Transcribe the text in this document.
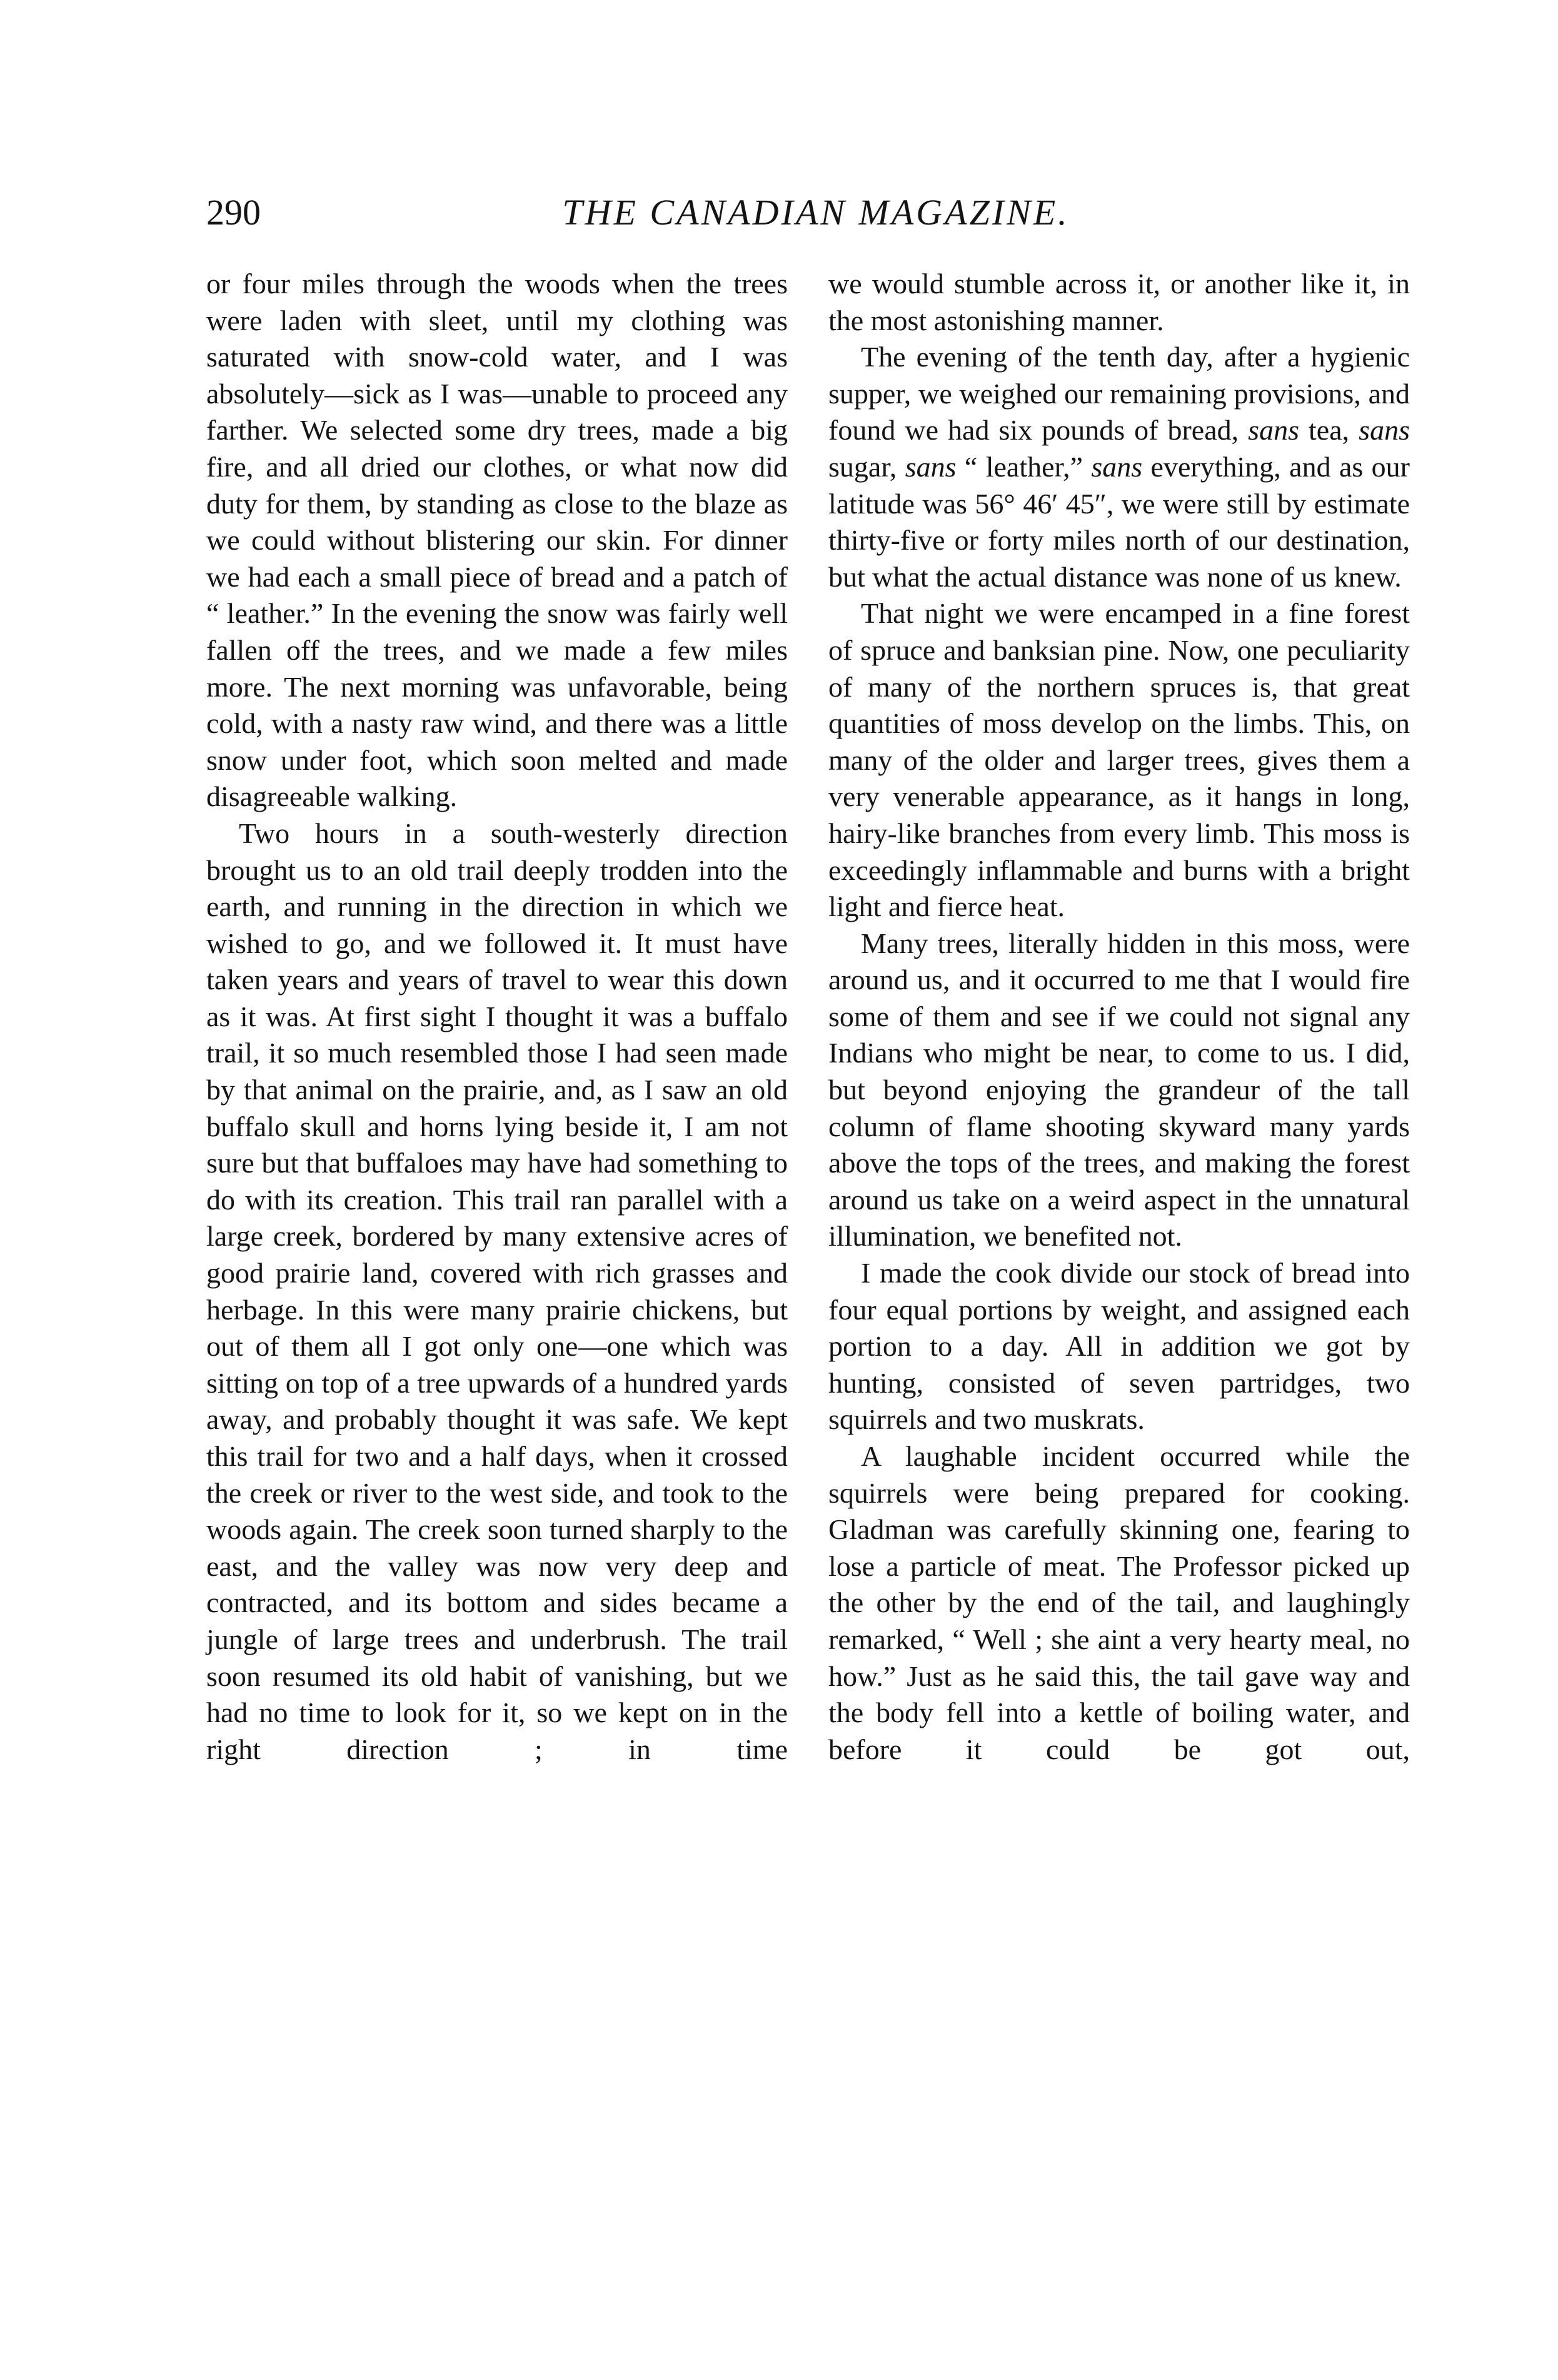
290	THE CANADIAN MAGAZINE.

or four miles through the woods when the trees were laden with sleet, until my clothing was saturated with snow-cold water, and I was absolutely—sick as I was—unable to proceed any farther. We selected some dry trees, made a big fire, and all dried our clothes, or what now did duty for them, by standing as close to the blaze as we could without blistering our skin. For dinner we had each a small piece of bread and a patch of “ leather.” In the evening the snow was fairly well fallen off the trees, and we made a few miles more. The next morning was unfavorable, being cold, with a nasty raw wind, and there was a little snow under foot, which soon melted and made disagreeable walking.

Two hours in a south-westerly direction brought us to an old trail deeply trodden into the earth, and running in the direction in which we wished to go, and we followed it. It must have taken years and years of travel to wear this down as it was. At first sight I thought it was a buffalo trail, it so much resembled those I had seen made by that animal on the prairie, and, as I saw an old buffalo skull and horns lying beside it, I am not sure but that buffaloes may have had something to do with its creation. This trail ran parallel with a large creek, bordered by many extensive acres of good prairie land, covered with rich grasses and herbage. In this were many prairie chickens, but out of them all I got only one—one which was sitting on top of a tree upwards of a hundred yards away, and probably thought it was safe. We kept this trail for two and a half days, when it crossed the creek or river to the west side, and took to the woods again. The creek soon turned sharply to the east, and the valley was now very deep and contracted, and its bottom and sides became a jungle of large trees and underbrush. The trail soon resumed its old habit of vanishing, but we had no time to look for it, so we kept on in the right direction ; in time

we would stumble across it, or another like it, in the most astonishing manner.

The evening of the tenth day, after a hygienic supper, we weighed our remaining provisions, and found we had six pounds of bread, sans tea, sans sugar, sans “ leather,” sans everything, and as our latitude was 56° 46′ 45″, we were still by estimate thirty-five or forty miles north of our destination, but what the actual distance was none of us knew.

That night we were encamped in a fine forest of spruce and banksian pine. Now, one peculiarity of many of the northern spruces is, that great quantities of moss develop on the limbs. This, on many of the older and larger trees, gives them a very venerable appearance, as it hangs in long, hairy-like branches from every limb. This moss is exceedingly inflammable and burns with a bright light and fierce heat.

Many trees, literally hidden in this moss, were around us, and it occurred to me that I would fire some of them and see if we could not signal any Indians who might be near, to come to us. I did, but beyond enjoying the grandeur of the tall column of flame shooting skyward many yards above the tops of the trees, and making the forest around us take on a weird aspect in the unnatural illumination, we benefited not.

I made the cook divide our stock of bread into four equal portions by weight, and assigned each portion to a day. All in addition we got by hunting, consisted of seven partridges, two squirrels and two muskrats.

A laughable incident occurred while the squirrels were being prepared for cooking. Gladman was carefully skinning one, fearing to lose a particle of meat. The Professor picked up the other by the end of the tail, and laughingly remarked, “ Well ; she aint a very hearty meal, no how.” Just as he said this, the tail gave way and the body fell into a kettle of boiling water, and before it could be got out,
